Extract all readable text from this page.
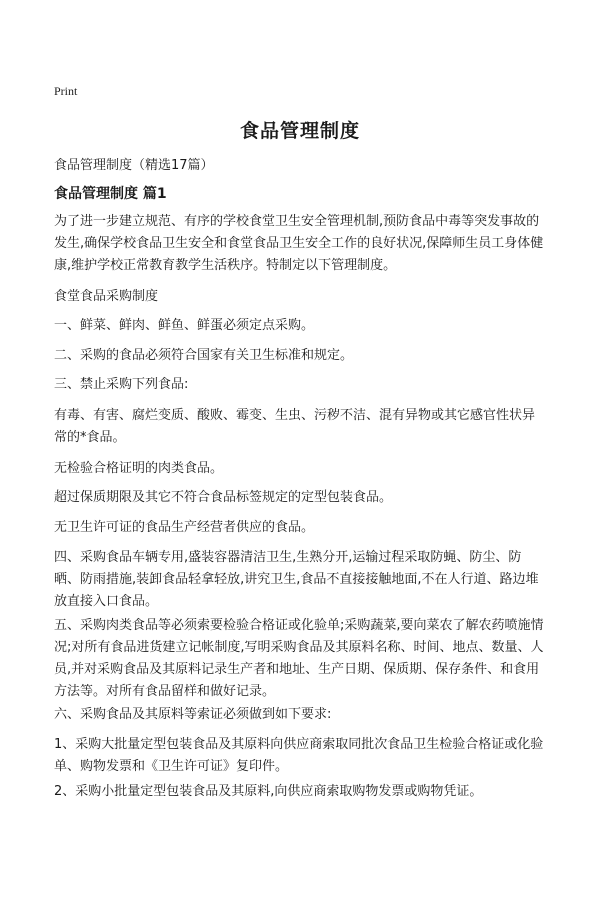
Print
食品管理制度
食品管理制度（精选17篇）
食品管理制度 篇1

为了进一步建立规范、有序的学校食堂卫生安全管理机制,预防食品中毒等突发事故的发生,确保学校食品卫生安全和食堂食品卫生安全工作的良好状况,保障师生员工身体健康,维护学校正常教育教学生活秩序。特制定以下管理制度。

食堂食品采购制度

一、鲜菜、鲜肉、鲜鱼、鲜蛋必须定点采购。

二、采购的食品必须符合国家有关卫生标准和规定。

三、禁止采购下列食品:

有毒、有害、腐烂变质、酸败、霉变、生虫、污秽不洁、混有异物或其它感官性状异常的*食品。

无检验合格证明的肉类食品。

超过保质期限及其它不符合食品标签规定的定型包装食品。

无卫生许可证的食品生产经营者供应的食品。

四、采购食品车辆专用,盛装容器清洁卫生,生熟分开,运输过程采取防蝇、防尘、防晒、防雨措施,装卸食品轻拿轻放,讲究卫生,食品不直接接触地面,不在人行道、路边堆放直接入口食品。

五、采购肉类食品等必须索要检验合格证或化验单;采购蔬菜,要向菜农了解农药喷施情况;对所有食品进货建立记帐制度,写明采购食品及其原料名称、时间、地点、数量、人员,并对采购食品及其原料记录生产者和地址、生产日期、保质期、保存条件、和食用方法等。对所有食品留样和做好记录。

六、采购食品及其原料等索证必须做到如下要求:

1、采购大批量定型包装食品及其原料向供应商索取同批次食品卫生检验合格证或化验单、购物发票和《卫生许可证》复印件。

2、采购小批量定型包装食品及其原料,向供应商索取购物发票或购物凭证。
